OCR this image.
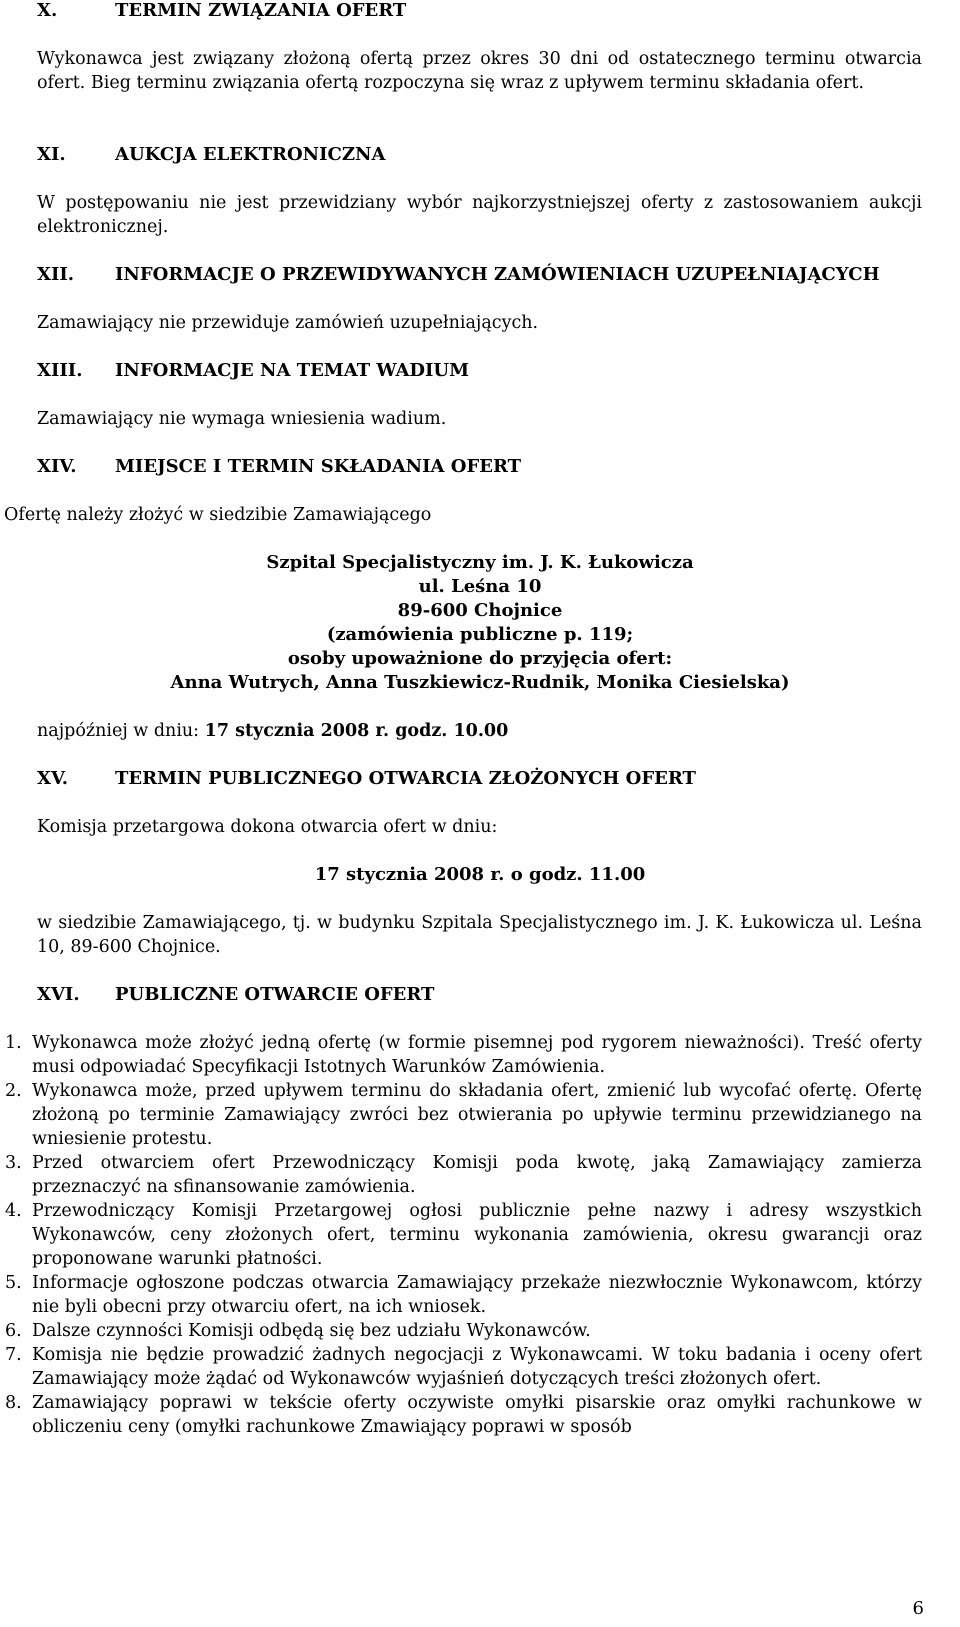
X.	TERMIN ZWIĄZANIA OFERT
Wykonawca jest związany złożoną ofertą przez okres 30 dni od ostatecznego terminu otwarcia ofert. Bieg terminu związania ofertą rozpoczyna się wraz z upływem terminu składania ofert.
XI.	AUKCJA ELEKTRONICZNA
W postępowaniu nie jest przewidziany wybór najkorzystniejszej oferty z zastosowaniem aukcji elektronicznej.
XII. INFORMACJE O PRZEWIDYWANYCH ZAMÓWIENIACH UZUPEŁNIAJĄCYCH
Zamawiający nie przewiduje zamówień uzupełniających.
XIII. INFORMACJE NA TEMAT WADIUM
Zamawiający nie wymaga wniesienia wadium.
XIV. MIEJSCE I TERMIN SKŁADANIA OFERT
Ofertę należy złożyć w siedzibie Zamawiającego
Szpital Specjalistyczny im. J. K. Łukowicza
ul. Leśna 10
89-600 Chojnice
(zamówienia publiczne p. 119;
osoby upoważnione do przyjęcia ofert:
Anna Wutrych, Anna Tuszkiewicz-Rudnik, Monika Ciesielska)
najpóźniej w dniu: 17 stycznia 2008 r. godz. 10.00
XV.	TERMIN PUBLICZNEGO OTWARCIA ZŁOŻONYCH OFERT
Komisja przetargowa dokona otwarcia ofert w dniu:
17 stycznia 2008 r. o godz. 11.00
w siedzibie Zamawiającego, tj. w budynku Szpitala Specjalistycznego im. J. K. Łukowicza ul. Leśna 10, 89-600 Chojnice.
XVI. PUBLICZNE OTWARCIE OFERT
1. Wykonawca może złożyć jedną ofertę (w formie pisemnej pod rygorem nieważności). Treść oferty musi odpowiadać Specyfikacji Istotnych Warunków Zamówienia.
2. Wykonawca może, przed upływem terminu do składania ofert, zmienić lub wycofać ofertę. Ofertę złożoną po terminie Zamawiający zwróci bez otwierania po upływie terminu przewidzianego na wniesienie protestu.
3. Przed otwarciem ofert Przewodniczący Komisji poda kwotę, jaką Zamawiający zamierza przeznaczyć na sfinansowanie zamówienia.
4. Przewodniczący Komisji Przetargowej ogłosi publicznie pełne nazwy i adresy wszystkich Wykonawców, ceny złożonych ofert, terminu wykonania zamówienia, okresu gwarancji oraz proponowane warunki płatności.
5. Informacje ogłoszone podczas otwarcia Zamawiający przekaże niezwłocznie Wykonawcom, którzy nie byli obecni przy otwarciu ofert, na ich wniosek.
6. Dalsze czynności Komisji odbędą się bez udziału Wykonawców.
7. Komisja nie będzie prowadzić żadnych negocjacji z Wykonawcami. W toku badania i oceny ofert Zamawiający może żądać od Wykonawców wyjaśnień dotyczących treści złożonych ofert.
8. Zamawiający poprawi w tekście oferty oczywiste omyłki pisarskie oraz omyłki rachunkowe w obliczeniu ceny (omyłki rachunkowe Zmawiający poprawi w sposób
6
